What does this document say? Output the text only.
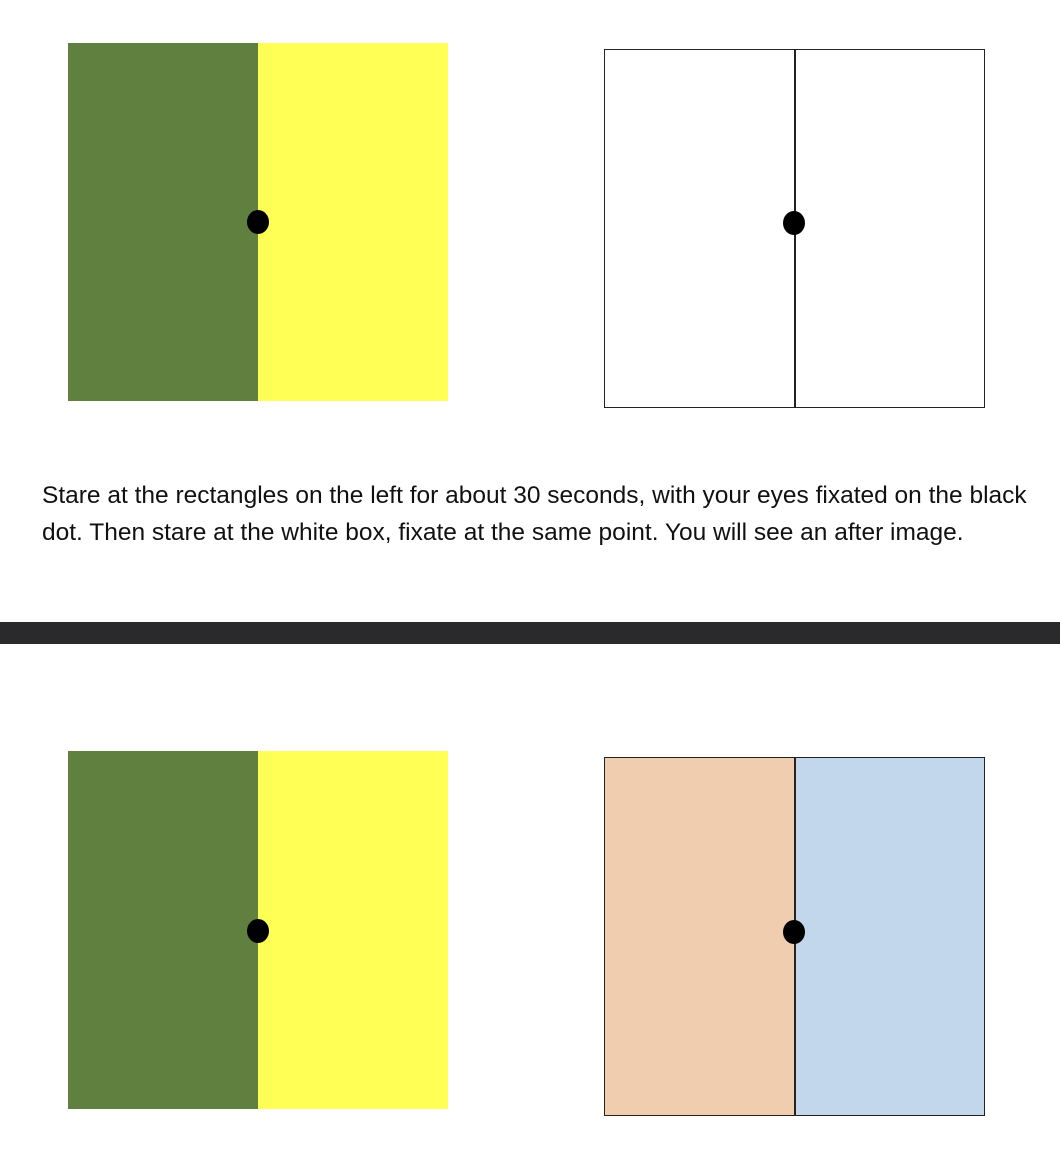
Stare at the rectangles on the left for about 30 seconds, with your eyes fixated on the black dot. Then stare at the white box, fixate at the same point. You will see an after image.
